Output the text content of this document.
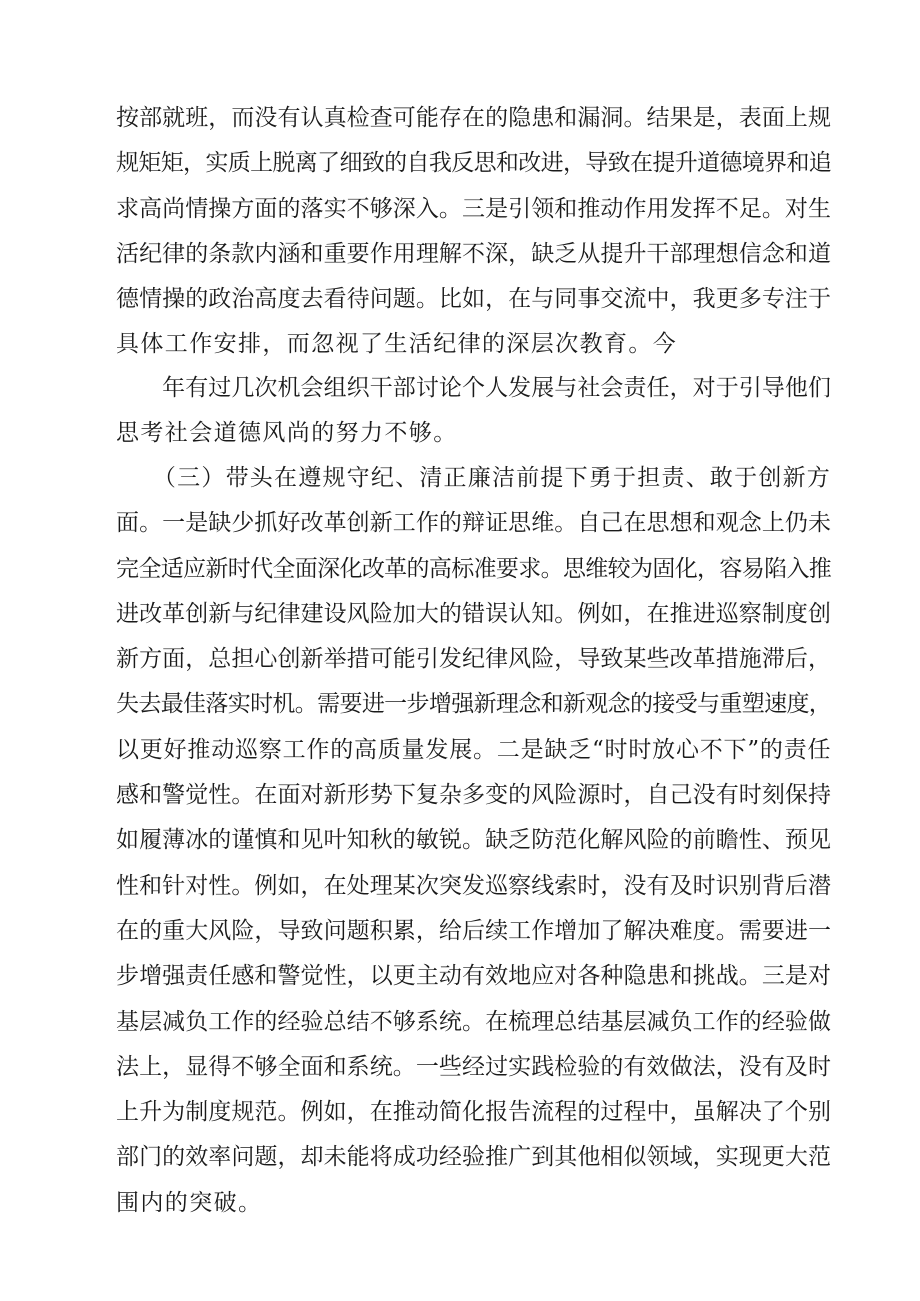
按部就班，而没有认真检查可能存在的隐患和漏洞。结果是，表面上规
规矩矩，实质上脱离了细致的自我反思和改进，导致在提升道德境界和追
求高尚情操方面的落实不够深入。三是引领和推动作用发挥不足。对生
活纪律的条款内涵和重要作用理解不深，缺乏从提升干部理想信念和道
德情操的政治高度去看待问题。比如，在与同事交流中，我更多专注于
具体工作安排，而忽视了生活纪律的深层次教育。今
　　年有过几次机会组织干部讨论个人发展与社会责任，对于引导他们
思考社会道德风尚的努力不够。
　　（三）带头在遵规守纪、清正廉洁前提下勇于担责、敢于创新方
面。一是缺少抓好改革创新工作的辩证思维。自己在思想和观念上仍未
完全适应新时代全面深化改革的高标准要求。思维较为固化，容易陷入推
进改革创新与纪律建设风险加大的错误认知。例如，在推进巡察制度创
新方面，总担心创新举措可能引发纪律风险，导致某些改革措施滞后，
失去最佳落实时机。需要进一步增强新理念和新观念的接受与重塑速度，
以更好推动巡察工作的高质量发展。二是缺乏“时时放心不下”的责任
感和警觉性。在面对新形势下复杂多变的风险源时，自己没有时刻保持
如履薄冰的谨慎和见叶知秋的敏锐。缺乏防范化解风险的前瞻性、预见
性和针对性。例如，在处理某次突发巡察线索时，没有及时识别背后潜
在的重大风险，导致问题积累，给后续工作增加了解决难度。需要进一
步增强责任感和警觉性，以更主动有效地应对各种隐患和挑战。三是对
基层减负工作的经验总结不够系统。在梳理总结基层减负工作的经验做
法上，显得不够全面和系统。一些经过实践检验的有效做法，没有及时
上升为制度规范。例如，在推动简化报告流程的过程中，虽解决了个别
部门的效率问题，却未能将成功经验推广到其他相似领域，实现更大范
围内的突破。
